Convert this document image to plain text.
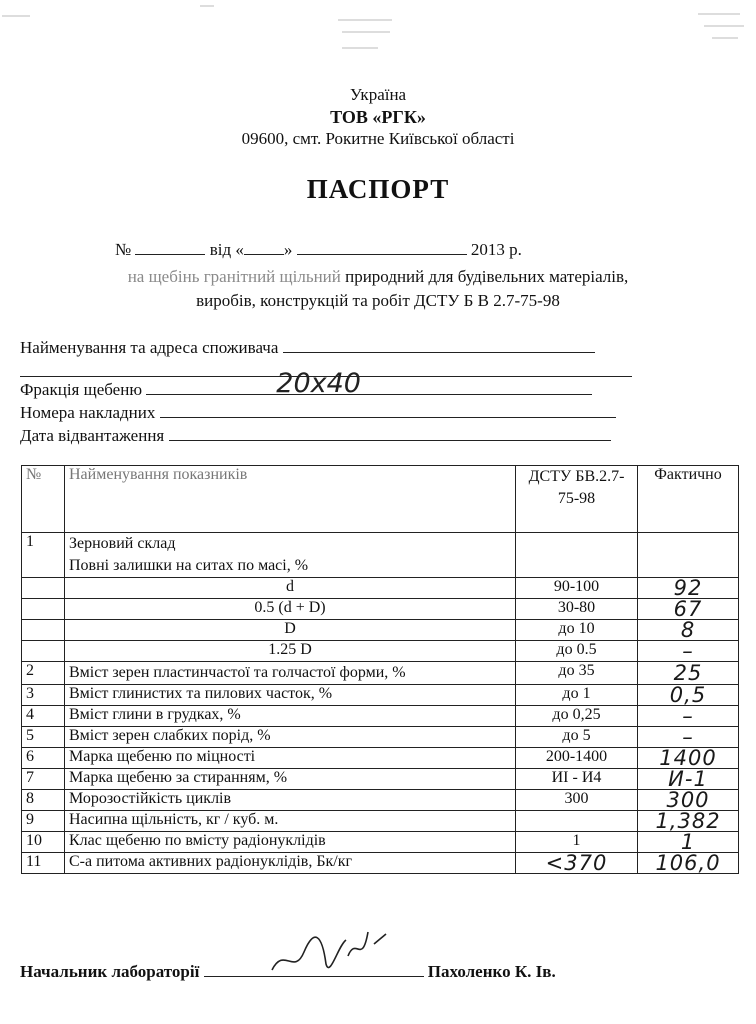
Україна
ТОВ «РГК»
09600, смт. Рокитне Київської області
ПАСПОРТ
№	від « »	2013 р.
на щебінь гранітний щільний природний для будівельних матеріалів,
виробів, конструкцій та робіт ДСТУ Б В 2.7-75-98
Найменування та адреса споживача
Фракція щебеню	20х40
Номера накладних
Дата відвантаження
№	Найменування показників	ДСТУ БВ.2.7-75-98	Фактично
1	Зерновий склад
Повні залишки на ситах по масі, %		

	d	90-100	92
	0.5 (d + D)	30-80	67
	D	до 10	8
	1.25 D	до 0.5	–
2	Вміст зерен пластинчастої та голчастої форми, %	до 35	25
3	Вміст глинистих та пилових часток, %	до 1	0,5
4	Вміст глини в грудках, %	до 0,25	–
5	Вміст зерен слабких порід, %	до 5	–
6	Марка щебеню по міцності	200-1400	1400
7	Марка щебеню за стиранням, %	ИІ - И4	И-1
8	Морозостійкість циклів	300	300
9	Насипна щільність, кг / куб. м.		1,382
10	Клас щебеню по вмісту радіонуклідів	1	1
11	С-а питома активних радіонуклідів, Бк/кг	<370	106,0
Начальник лабораторії	Пахоленко К. Ів.
